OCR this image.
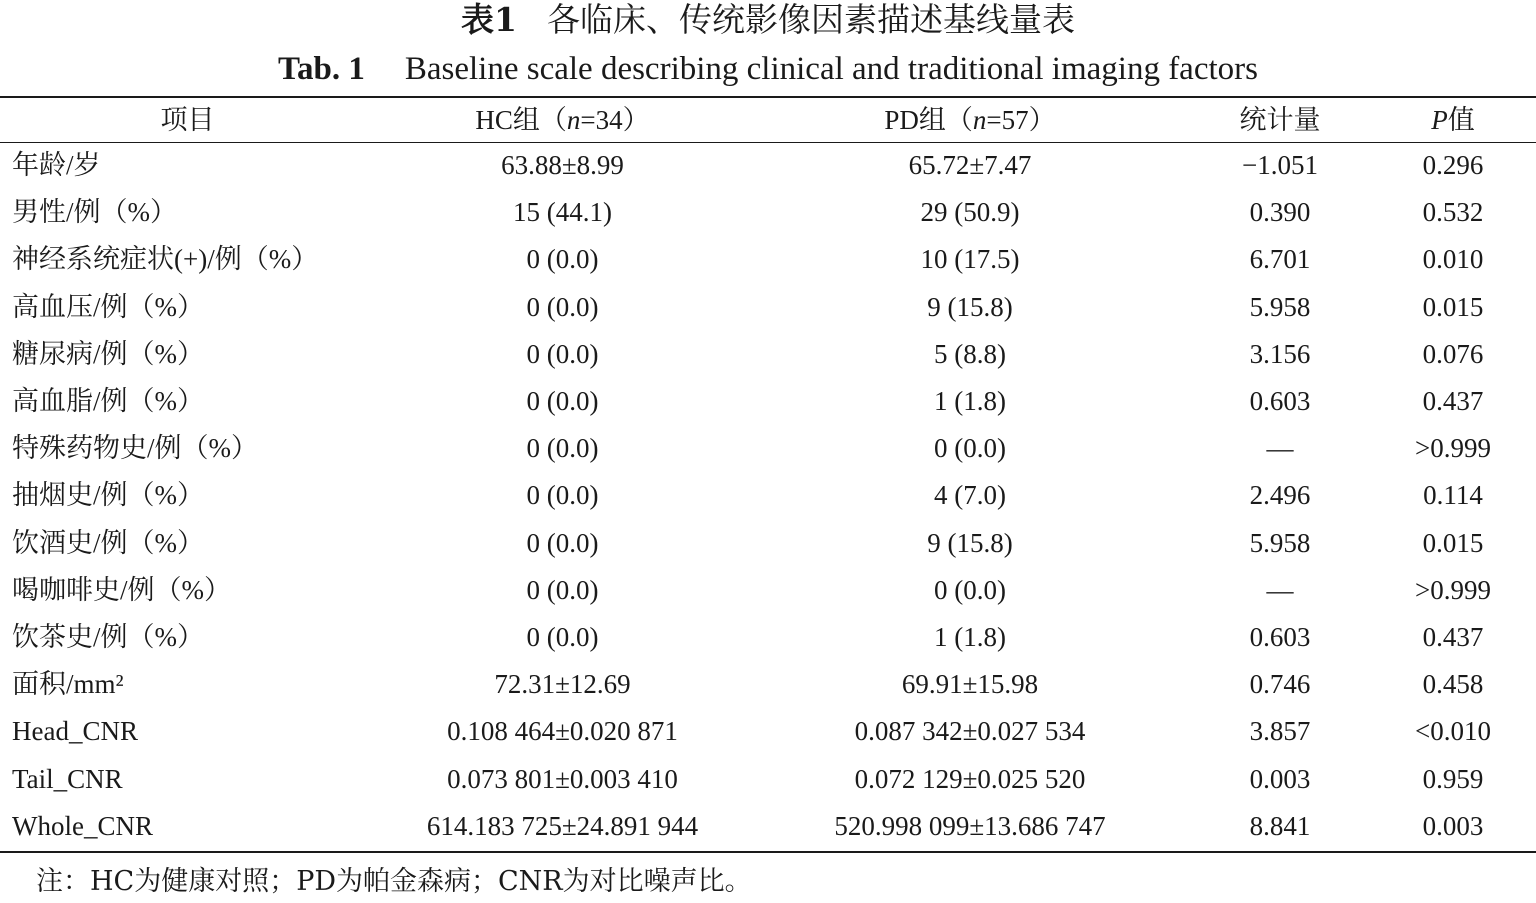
表1 各临床、传统影像因素描述基线量表
Tab. 1 Baseline scale describing clinical and traditional imaging factors
项目	HC组（n=34）	PD组（n=57）	统计量	P值
年龄/岁	63.88±8.99	65.72±7.47	−1.051	0.296
男性/例（%）	15 (44.1)	29 (50.9)	0.390	0.532
神经系统症状(+)/例（%）	0 (0.0)	10 (17.5)	6.701	0.010
高血压/例（%）	0 (0.0)	9 (15.8)	5.958	0.015
糖尿病/例（%）	0 (0.0)	5 (8.8)	3.156	0.076
高血脂/例（%）	0 (0.0)	1 (1.8)	0.603	0.437
特殊药物史/例（%）	0 (0.0)	0 (0.0)	—	>0.999
抽烟史/例（%）	0 (0.0)	4 (7.0)	2.496	0.114
饮酒史/例（%）	0 (0.0)	9 (15.8)	5.958	0.015
喝咖啡史/例（%）	0 (0.0)	0 (0.0)	—	>0.999
饮茶史/例（%）	0 (0.0)	1 (1.8)	0.603	0.437
面积/mm²	72.31±12.69	69.91±15.98	0.746	0.458
Head_CNR	0.108 464±0.020 871	0.087 342±0.027 534	3.857	<0.010
Tail_CNR	0.073 801±0.003 410	0.072 129±0.025 520	0.003	0.959
Whole_CNR	614.183 725±24.891 944	520.998 099±13.686 747	8.841	0.003
注：HC为健康对照；PD为帕金森病；CNR为对比噪声比。
